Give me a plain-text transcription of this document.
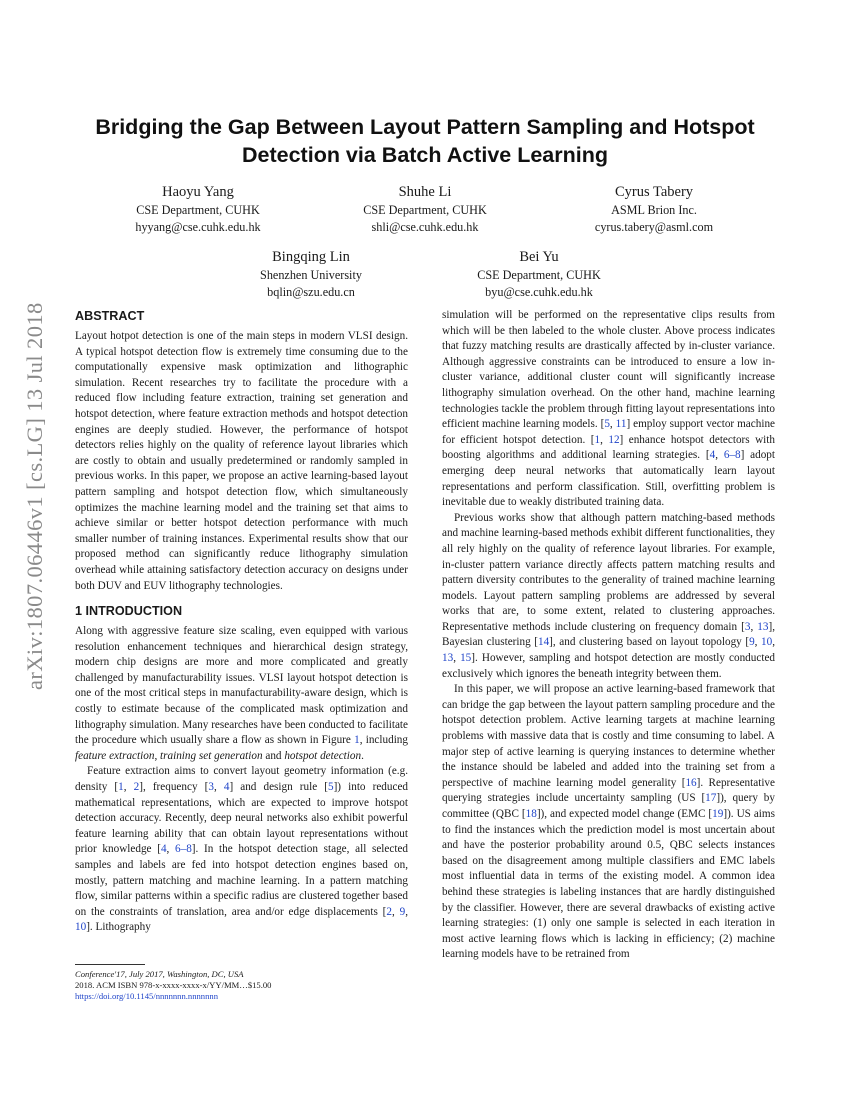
arXiv:1807.06446v1 [cs.LG] 13 Jul 2018
Bridging the Gap Between Layout Pattern Sampling and Hotspot Detection via Batch Active Learning
Haoyu Yang
CSE Department, CUHK
hyyang@cse.cuhk.edu.hk
Shuhe Li
CSE Department, CUHK
shli@cse.cuhk.edu.hk
Cyrus Tabery
ASML Brion Inc.
cyrus.tabery@asml.com
Bingqing Lin
Shenzhen University
bqlin@szu.edu.cn
Bei Yu
CSE Department, CUHK
byu@cse.cuhk.edu.hk
ABSTRACT

Layout hotpot detection is one of the main steps in modern VLSI design. A typical hotspot detection flow is extremely time consuming due to the computationally expensive mask optimization and lithographic simulation. Recent researches try to facilitate the procedure with a reduced flow including feature extraction, training set generation and hotspot detection, where feature extraction methods and hotspot detection engines are deeply studied. However, the performance of hotspot detectors relies highly on the quality of reference layout libraries which are costly to obtain and usually predetermined or randomly sampled in previous works. In this paper, we propose an active learning-based layout pattern sampling and hotspot detection flow, which simultaneously optimizes the machine learning model and the training set that aims to achieve similar or better hotspot detection performance with much smaller number of training instances. Experimental results show that our proposed method can significantly reduce lithography simulation overhead while attaining satisfactory detection accuracy on designs under both DUV and EUV lithography technologies.

1 INTRODUCTION

Along with aggressive feature size scaling, even equipped with various resolution enhancement techniques and hierarchical design strategy, modern chip designs are more and more complicated and greatly challenged by manufacturability issues. VLSI layout hotspot detection is one of the most critical steps in manufacturability-aware design, which is costly to estimate because of the complicated mask optimization and lithography simulation. Many researches have been conducted to facilitate the procedure which usually share a flow as shown in Figure 1, including feature extraction, training set generation and hotspot detection.

Feature extraction aims to convert layout geometry information (e.g. density [1, 2], frequency [3, 4] and design rule [5]) into reduced mathematical representations, which are expected to improve hotspot detection accuracy. Recently, deep neural networks also exhibit powerful feature learning ability that can obtain layout representations without prior knowledge [4, 6–8]. In the hotspot detection stage, all selected samples and labels are fed into hotspot detection engines based on, mostly, pattern matching and machine learning. In a pattern matching flow, similar patterns within a specific radius are clustered together based on the constraints of translation, area and/or edge displacements [2, 9, 10]. Lithography

simulation will be performed on the representative clips results from which will be then labeled to the whole cluster. Above process indicates that fuzzy matching results are drastically affected by in-cluster variance. Although aggressive constraints can be introduced to ensure a low in-cluster variance, additional cluster count will significantly increase lithography simulation overhead. On the other hand, machine learning technologies tackle the problem through fitting layout representations into efficient machine learning models. [5, 11] employ support vector machine for efficient hotspot detection. [1, 12] enhance hotspot detectors with boosting algorithms and additional learning strategies. [4, 6–8] adopt emerging deep neural networks that automatically learn layout representations and perform classification. Still, overfitting problem is inevitable due to weakly distributed training data.

Previous works show that although pattern matching-based methods and machine learning-based methods exhibit different functionalities, they all rely highly on the quality of reference layout libraries. For example, in-cluster pattern variance directly affects pattern matching results and pattern diversity contributes to the generality of trained machine learning models. Layout pattern sampling problems are addressed by several works that are, to some extent, related to clustering approaches. Representative methods include clustering on frequency domain [3, 13], Bayesian clustering [14], and clustering based on layout topology [9, 10, 13, 15]. However, sampling and hotspot detection are mostly conducted exclusively which ignores the beneath integrity between them.

In this paper, we will propose an active learning-based framework that can bridge the gap between the layout pattern sampling procedure and the hotspot detection problem. Active learning targets at machine learning problems with massive data that is costly and time consuming to label. A major step of active learning is querying instances to determine whether the instance should be labeled and added into the training set from a perspective of machine learning model generality [16]. Representative querying strategies include uncertainty sampling (US [17]), query by committee (QBC [18]), and expected model change (EMC [19]). US aims to find the instances which the prediction model is most uncertain about and have the posterior probability around 0.5, QBC selects instances based on the disagreement among multiple classifiers and EMC labels most influential data in terms of the existing model. A common idea behind these strategies is labeling instances that are hardly distinguished by the classifier. However, there are several drawbacks of existing active learning strategies: (1) only one sample is selected in each iteration in most active learning flows which is lacking in efficiency; (2) machine learning models have to be retrained from

Conference'17, July 2017, Washington, DC, USA
2018. ACM ISBN 978-x-xxxx-xxxx-x/YY/MM…$15.00
https://doi.org/10.1145/nnnnnnn.nnnnnnn
